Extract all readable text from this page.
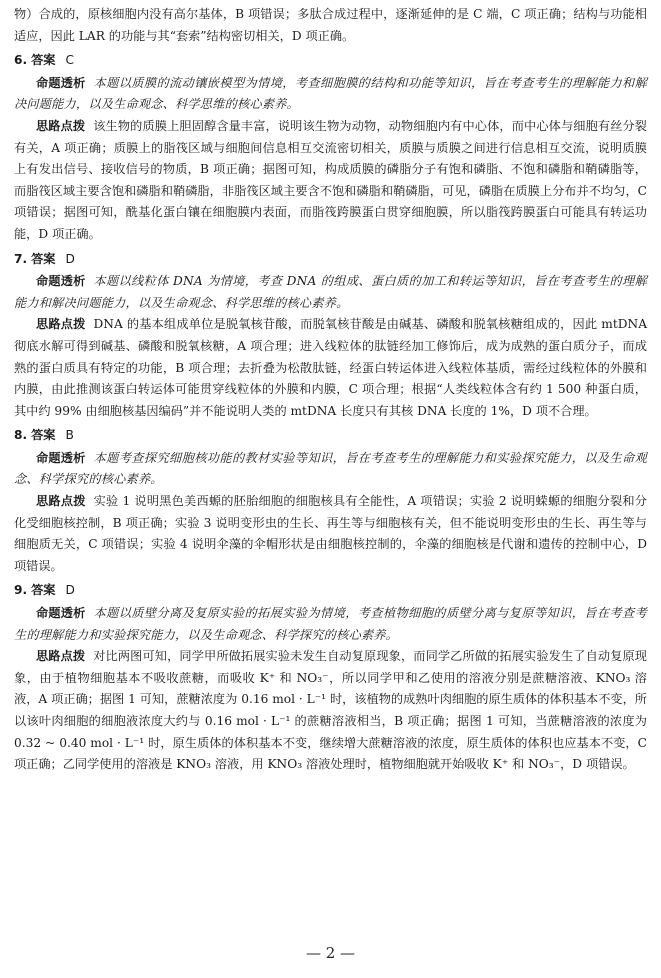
物）合成的，原核细胞内没有高尔基体，B 项错误；多肽合成过程中，逐渐延伸的是 C 端，C 项正确；结构与功能相适应，因此 LAR 的功能与其“套索”结构密切相关，D 项正确。

6. 答案 C

命题透析 本题以质膜的流动镶嵌模型为情境，考查细胞膜的结构和功能等知识，旨在考查考生的理解能力和解决问题能力，以及生命观念、科学思维的核心素养。

思路点拨 该生物的质膜上胆固醇含量丰富，说明该生物为动物，动物细胞内有中心体，而中心体与细胞有丝分裂有关，A 项正确；质膜上的脂筏区域与细胞间信息相互交流密切相关，质膜与质膜之间进行信息相互交流，说明质膜上有发出信号、接收信号的物质，B 项正确；据图可知，构成质膜的磷脂分子有饱和磷脂、不饱和磷脂和鞘磷脂等，而脂筏区域主要含饱和磷脂和鞘磷脂，非脂筏区域主要含不饱和磷脂和鞘磷脂，可见，磷脂在质膜上分布并不均匀，C 项错误；据图可知，酰基化蛋白镶在细胞膜内表面，而脂筏跨膜蛋白贯穿细胞膜，所以脂筏跨膜蛋白可能具有转运功能，D 项正确。

7. 答案 D

命题透析 本题以线粒体 DNA 为情境，考查 DNA 的组成、蛋白质的加工和转运等知识，旨在考查考生的理解能力和解决问题能力，以及生命观念、科学思维的核心素养。

思路点拨 DNA 的基本组成单位是脱氧核苷酸，而脱氧核苷酸是由碱基、磷酸和脱氧核糖组成的，因此 mtDNA 彻底水解可得到碱基、磷酸和脱氧核糖，A 项合理；进入线粒体的肽链经加工修饰后，成为成熟的蛋白质分子，而成熟的蛋白质具有特定的功能，B 项合理；去折叠为松散肽链，经蛋白转运体进入线粒体基质，需经过线粒体的外膜和内膜，由此推测该蛋白转运体可能贯穿线粒体的外膜和内膜，C 项合理；根据“人类线粒体含有约 1 500 种蛋白质，其中约 99% 由细胞核基因编码”并不能说明人类的 mtDNA 长度只有其核 DNA 长度的 1%，D 项不合理。

8. 答案 B

命题透析 本题考查探究细胞核功能的教材实验等知识，旨在考查考生的理解能力和实验探究能力，以及生命观念、科学探究的核心素养。

思路点拨 实验 1 说明黑色美西螈的胚胎细胞的细胞核具有全能性，A 项错误；实验 2 说明蝾螈的细胞分裂和分化受细胞核控制，B 项正确；实验 3 说明变形虫的生长、再生等与细胞核有关，但不能说明变形虫的生长、再生等与细胞质无关，C 项错误；实验 4 说明伞藻的伞帽形状是由细胞核控制的，伞藻的细胞核是代谢和遗传的控制中心，D 项错误。

9. 答案 D

命题透析 本题以质壁分离及复原实验的拓展实验为情境，考查植物细胞的质壁分离与复原等知识，旨在考查考生的理解能力和实验探究能力，以及生命观念、科学探究的核心素养。

思路点拨 对比两图可知，同学甲所做拓展实验未发生自动复原现象，而同学乙所做的拓展实验发生了自动复原现象，由于植物细胞基本不吸收蔗糖，而吸收 K⁺ 和 NO₃⁻，所以同学甲和乙使用的溶液分别是蔗糖溶液、KNO₃ 溶液，A 项正确；据图 1 可知，蔗糖浓度为 0.16 mol · L⁻¹ 时，该植物的成熟叶肉细胞的原生质体的体积基本不变，所以该叶肉细胞的细胞液浓度大约与 0.16 mol · L⁻¹ 的蔗糖溶液相当，B 项正确；据图 1 可知，当蔗糖溶液的浓度为 0.32 ~ 0.40 mol · L⁻¹ 时，原生质体的体积基本不变，继续增大蔗糖溶液的浓度，原生质体的体积也应基本不变，C 项正确；乙同学使用的溶液是 KNO₃ 溶液，用 KNO₃ 溶液处理时，植物细胞就开始吸收 K⁺ 和 NO₃⁻，D 项错误。

— 2 —
